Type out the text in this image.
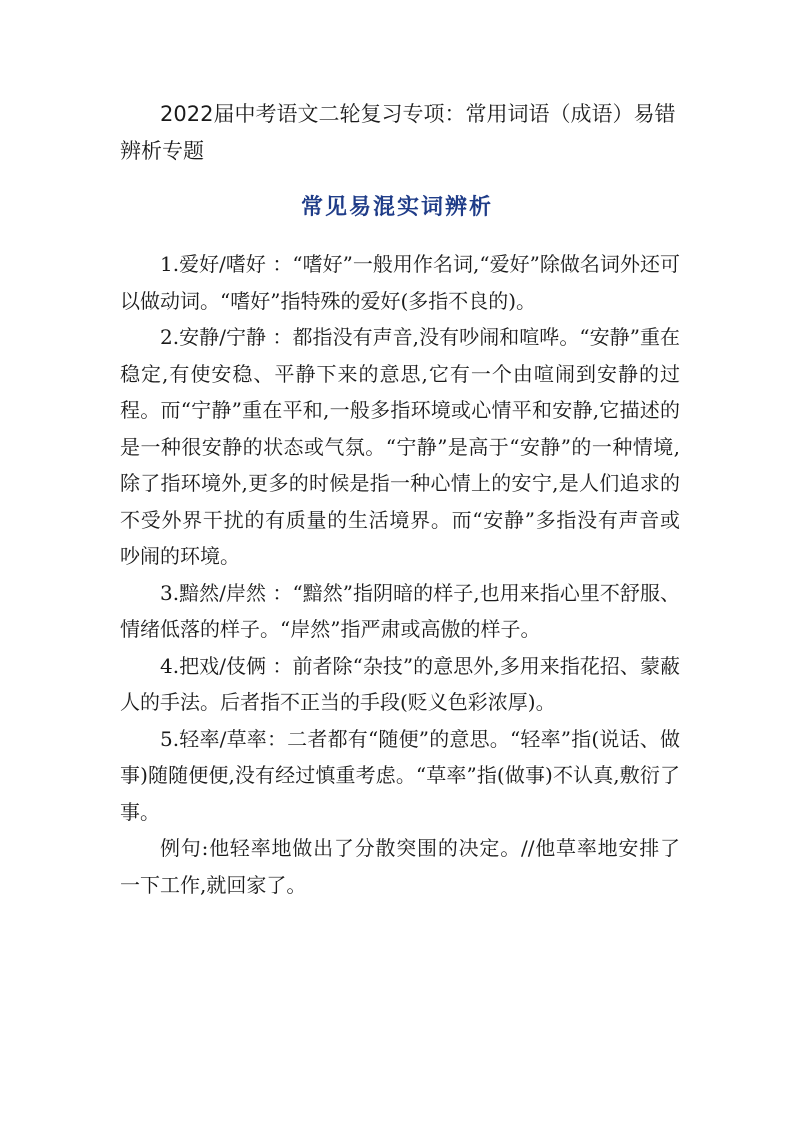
2022届中考语文二轮复习专项：常用词语（成语）易错辨析专题

常见易混实词辨析

1.爱好/嗜好 ：“嗜好”一般用作名词,“爱好”除做名词外还可以做动词。“嗜好”指特殊的爱好(多指不良的)。

2.安静/宁静 ：都指没有声音,没有吵闹和喧哗。“安静”重在稳定,有使安稳、平静下来的意思,它有一个由喧闹到安静的过程。而“宁静”重在平和,一般多指环境或心情平和安静,它描述的是一种很安静的状态或气氛。“宁静”是高于“安静”的一种情境,除了指环境外,更多的时候是指一种心情上的安宁,是人们追求的不受外界干扰的有质量的生活境界。而“安静”多指没有声音或吵闹的环境。

3.黯然/岸然 ：“黯然”指阴暗的样子,也用来指心里不舒服、情绪低落的样子。“岸然”指严肃或高傲的样子。

4.把戏/伎俩 ：前者除“杂技”的意思外,多用来指花招、蒙蔽人的手法。后者指不正当的手段(贬义色彩浓厚)。

5.轻率/草率：二者都有“随便”的意思。“轻率”指(说话、做事)随随便便,没有经过慎重考虑。“草率”指(做事)不认真,敷衍了事。

例句:他轻率地做出了分散突围的决定。//他草率地安排了一下工作,就回家了。
